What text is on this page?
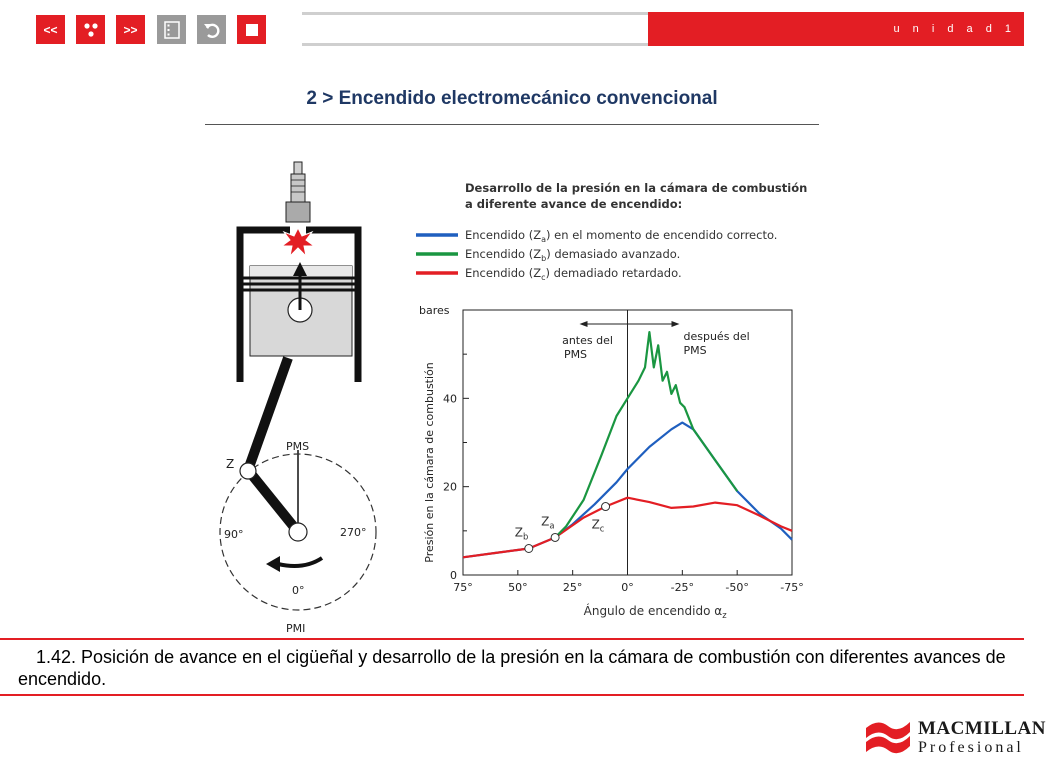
<<	>>	u n i d a d 1
2 > Encendido electromecánico convencional
PMS
Z
90°	270°
0°
PMI
Desarrollo de la presión en la cámara de combustión
a diferente avance de encendido:
Encendido $(Z_a)$ en el momento de encendido correcto.
Encendido $(Z_b)$ demasiado avanzado.
Encendido $(Z_c)$ demadiado retardado.
0
20
40
75°	50°	25°	0°	-25°	-50°	-75°
bares
Presión en la cámara de combustión
Ángulo de encendido $\alpha_z$
antes del PMS
después del PMS
$Z_b$
$Z_a$	$Z_c$
1.42. Posición de avance en el cigüeñal y desarrollo de la presión en la cámara de combustión con diferentes avances de encendido.
MACMILLAN
Profesional
